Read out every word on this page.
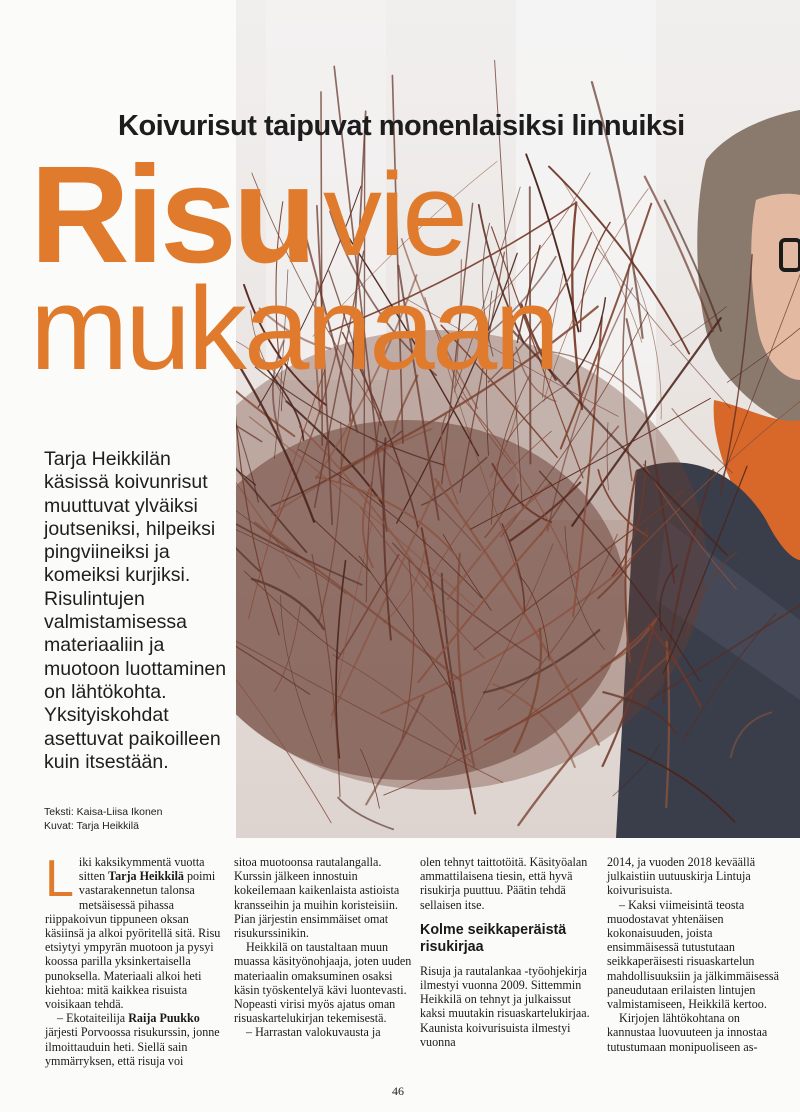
Koivurisut taipuvat monenlaisiksi linnuiksi
Risuvie
mukanaan

Tarja Heikkilän käsissä koivunrisut muuttuvat ylväiksi joutseniksi, hilpeiksi pingviineiksi ja komeiksi kurjiksi. Risulintujen valmistamisessa materiaaliin ja muotoon luottaminen on lähtökohta. Yksityiskohdat asettuvat paikoilleen kuin itsestään.

Teksti: Kaisa-Liisa Ikonen
Kuvat: Tarja Heikkilä

Liki kaksikymmentä vuotta sitten Tarja Heikkilä poimi vastarakennetun talonsa metsäisessä pihassa riippakoivun tippuneen oksan käsiinsä ja alkoi pyöritellä sitä. Risu etsiytyi ympyrän muotoon ja pysyi koossa parilla yksinkertaisella punoksella. Materiaali alkoi heti kiehtoa: mitä kaikkea risuista voisikaan tehdä.

– Ekotaiteilija Raija Puukko järjesti Porvoossa risukurssin, jonne ilmoittauduin heti. Siellä sain ymmärryksen, että risuja voi

sitoa muotoonsa rautalangalla. Kurssin jälkeen innostuin kokeilemaan kaikenlaista astioista kransseihin ja muihin koristeisiin. Pian järjestin ensimmäiset omat risukurssinikin.

Heikkilä on taustaltaan muun muassa käsityönohjaaja, joten uuden materiaalin omaksuminen osaksi käsin työskentelyä kävi luontevasti. Nopeasti virisi myös ajatus oman risuaskartelukirjan tekemisestä.

– Harrastan valokuvausta ja

olen tehnyt taittotöitä. Käsityöalan ammattilaisena tiesin, että hyvä risukirja puuttuu. Päätin tehdä sellaisen itse.

Kolme seikkaperäistä risukirjaa

Risuja ja rautalankaa -työohjekirja ilmestyi vuonna 2009. Sittemmin Heikkilä on tehnyt ja julkaissut kaksi muutakin risuaskartelukirjaa. Kaunista koivurisuista ilmestyi vuonna

2014, ja vuoden 2018 keväällä julkaistiin uutuuskirja Lintuja koivurisuista.

– Kaksi viimeisintä teosta muodostavat yhtenäisen kokonaisuuden, joista ensimmäisessä tutustutaan seikkaperäisesti risuaskartelun mahdollisuuksiin ja jälkimmäisessä paneudutaan erilaisten lintujen valmistamiseen, Heikkilä kertoo.

Kirjojen lähtökohtana on kannustaa luovuuteen ja innostaa tutustumaan monipuoliseen as-

46
